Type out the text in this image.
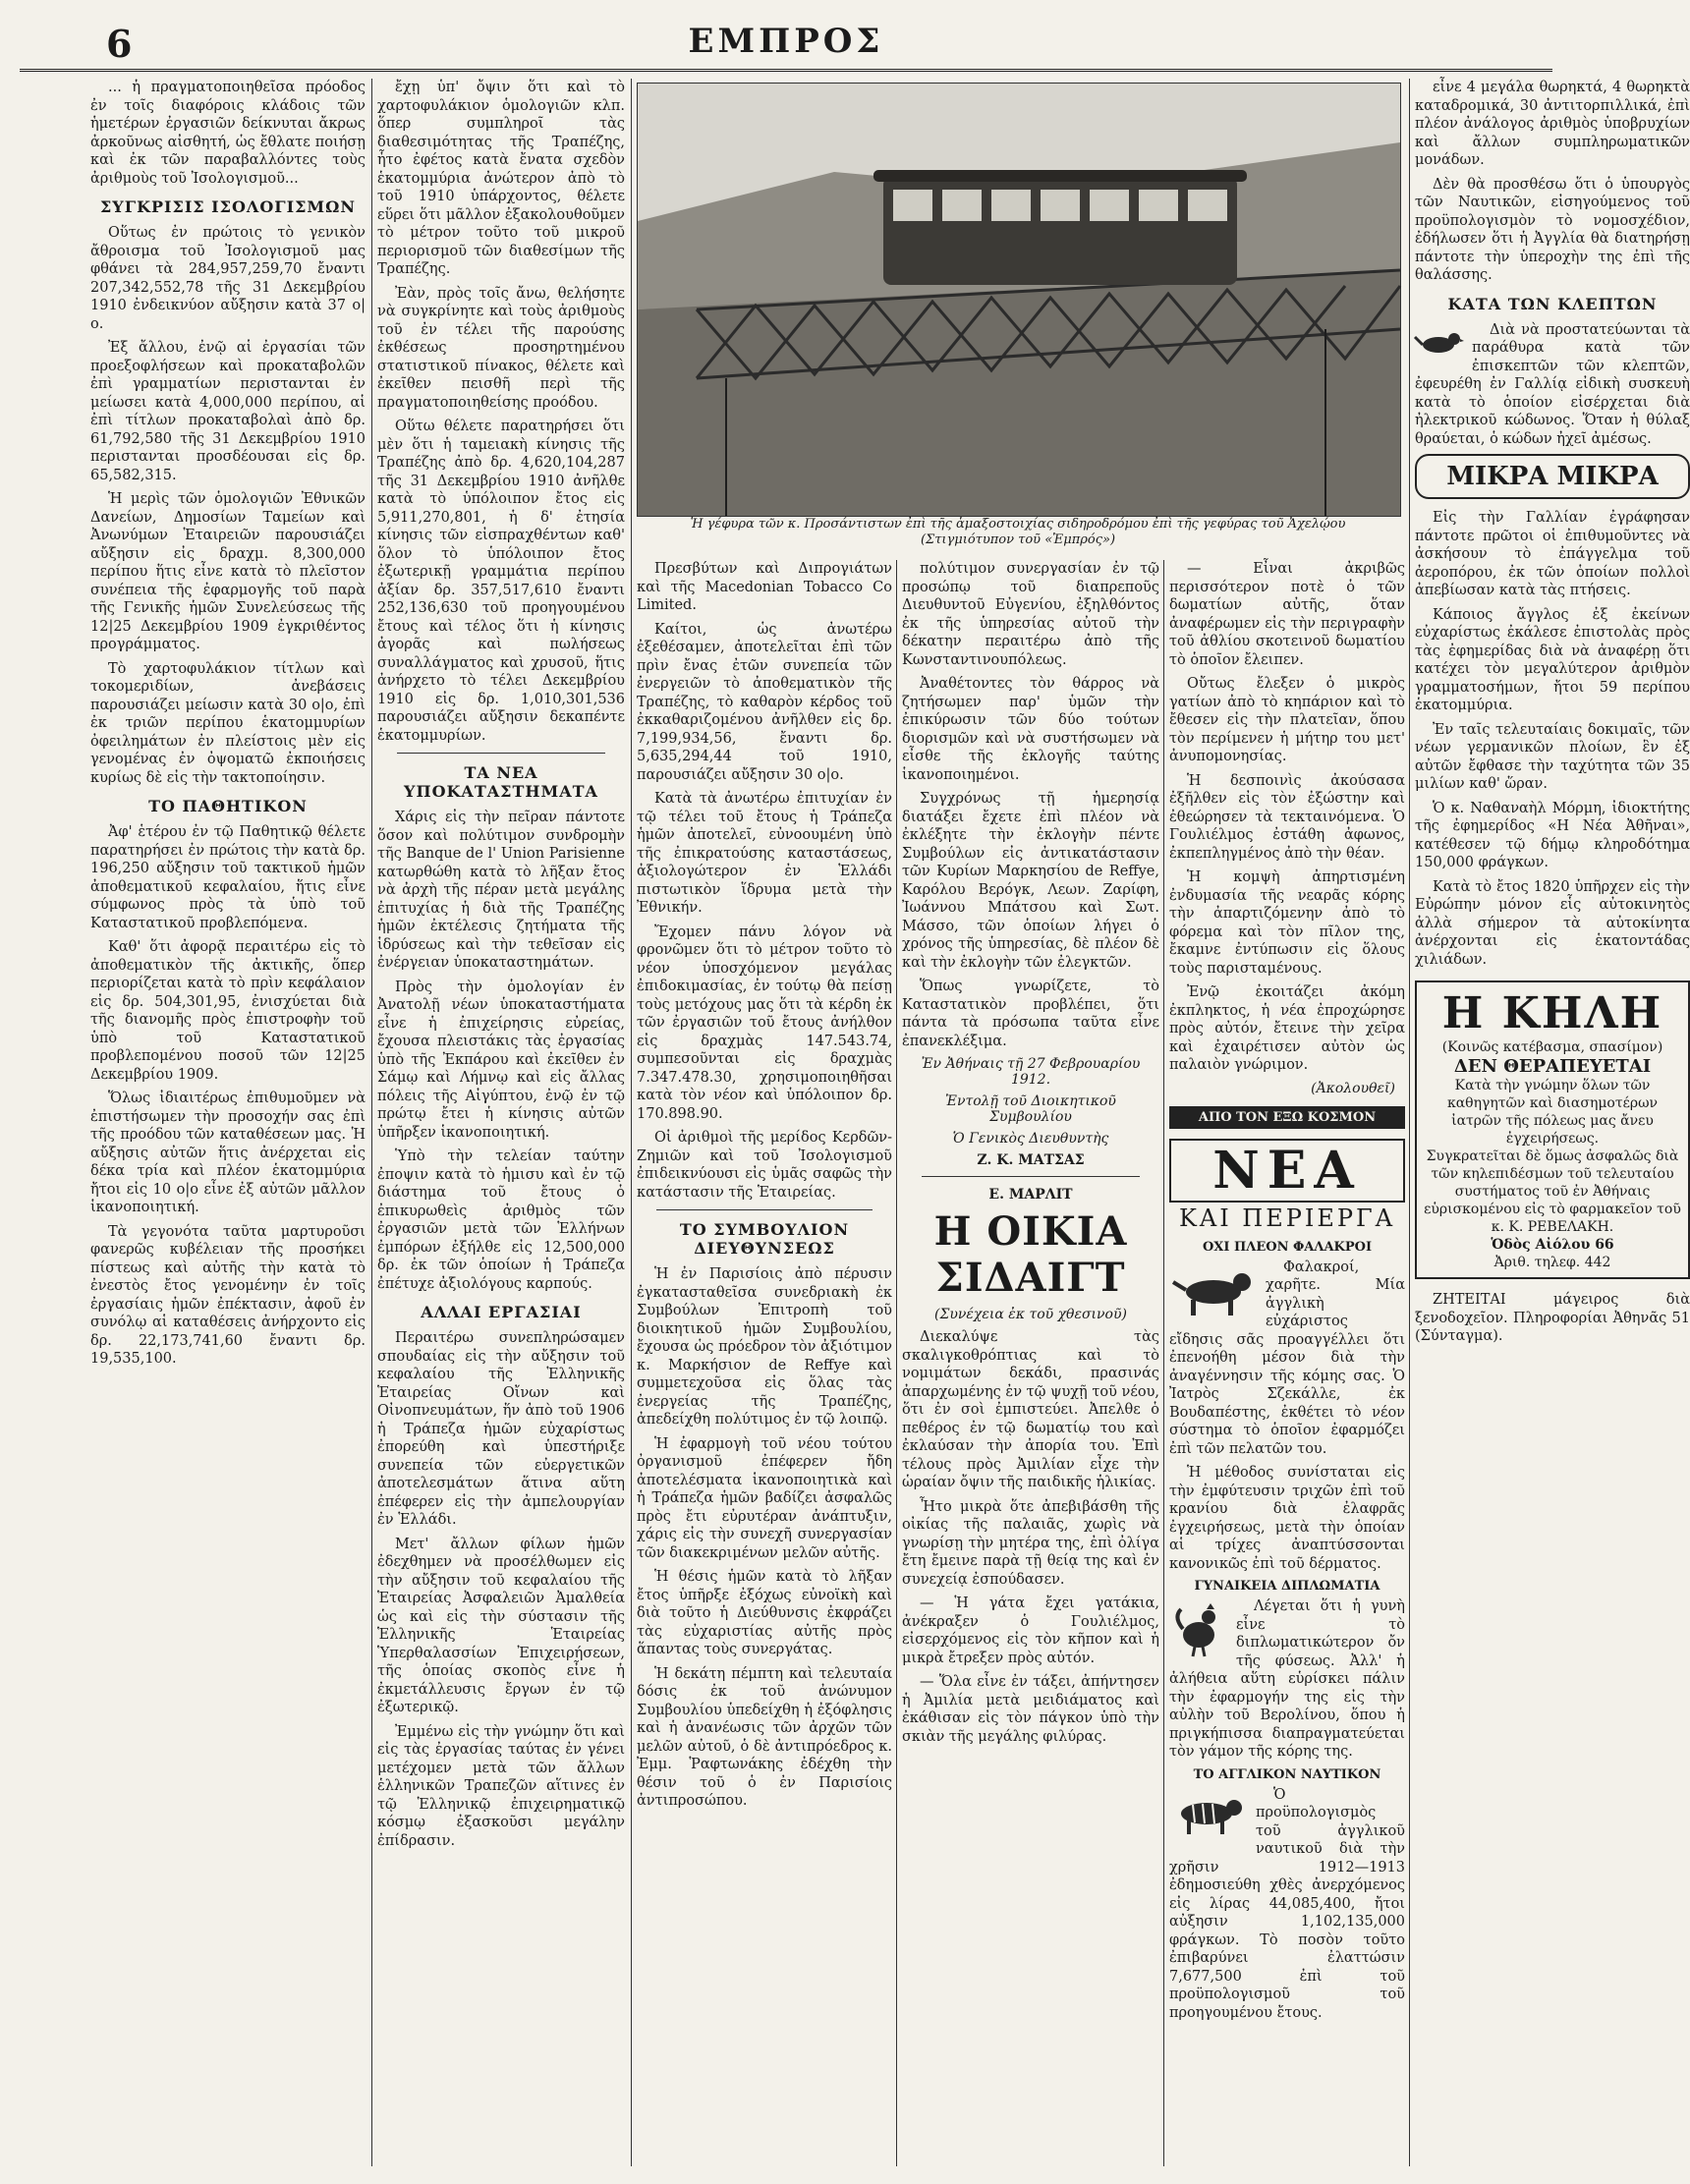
6	ΕΜΠΡΟΣ

... ἡ πραγματοποιηθεῖσα πρόοδος ἐν τοῖς διαφόροις κλάδοις τῶν ἡμετέρων ἐργασιῶν δείκνυται ἄκρως ἀρκοῦνως αἰσθητή, ὡς ἔθλατε ποιήσῃ καὶ ἐκ τῶν παραβαλλόντες τοὺς ἀριθμοὺς τοῦ Ἰσολογισμοῦ...

ΣΥΓΚΡΙΣΙΣ ΙΣΟΛΟΓΙΣΜΩΝ

Οὕτως ἐν πρώτοις τὸ γενικὸν ἄθροισμα τοῦ Ἰσολογισμοῦ μας φθάνει τὰ 284,957,259,70 ἔναντι 207,342,552,78 τῆς 31 Δεκεμβρίου 1910 ἐνδεικνύον αὔξησιν κατὰ 37 ο|ο.

Ἐξ ἄλλου, ἐνῷ αἱ ἐργασίαι τῶν προεξοφλήσεων καὶ προκαταβολῶν ἐπὶ γραμματίων περιστανται ἐν μείωσει κατὰ 4,000,000 περίπου, αἱ ἐπὶ τίτλων προκαταβολαὶ ἀπὸ δρ. 61,792,580 τῆς 31 Δεκεμβρίου 1910 περιστανται προσδέουσαι εἰς δρ. 65,582,315.

Ἡ μερὶς τῶν ὁμολογιῶν Ἐθνικῶν Δανείων, Δημοσίων Ταμείων καὶ Ἀνωνύμων Ἑταιρειῶν παρουσιάζει αὔξησιν εἰς δραχμ. 8,300,000 περίπου ἥτις εἶνε κατὰ τὸ πλεῖστον συνέπεια τῆς ἐφαρμογῆς τοῦ παρὰ τῆς Γενικῆς ἡμῶν Συνελεύσεως τῆς 12|25 Δεκεμβρίου 1909 ἐγκριθέντος προγράμματος.

Τὸ χαρτοφυλάκιον τίτλων καὶ τοκομεριδίων, ἀνεβάσεις παρουσιάζει μείωσιν κατὰ 30 ο|ο, ἐπὶ ἐκ τριῶν περίπου ἑκατομμυρίων ὀφειλημάτων ἐν πλείστοις μὲν εἰς γενομένας ἐν ὀψοματῶ ἐκποιήσεις κυρίως δὲ εἰς τὴν τακτοποίησιν.

ΤΟ ΠΑΘΗΤΙΚΟΝ

Ἀφ' ἑτέρου ἐν τῷ Παθητικῷ θέλετε παρατηρήσει ἐν πρώτοις τὴν κατὰ δρ. 196,250 αὔξησιν τοῦ τακτικοῦ ἡμῶν ἀποθεματικοῦ κεφαλαίου, ἥτις εἶνε σύμφωνος πρὸς τὰ ὑπὸ τοῦ Καταστατικοῦ προβλεπόμενα.

Καθ' ὅτι ἀφορᾷ περαιτέρω εἰς τὸ ἀποθεματικὸν τῆς ἀκτικῆς, ὅπερ περιορίζεται κατὰ τὸ πρὶν κεφάλαιον εἰς δρ. 504,301,95, ἐνισχύεται διὰ τῆς διανομῆς πρὸς ἐπιστροφὴν τοῦ ὑπὸ τοῦ Καταστατικοῦ προβλεπομένου ποσοῦ τῶν 12|25 Δεκεμβρίου 1909.

Ὅλως ἰδιαιτέρως ἐπιθυμοῦμεν νὰ ἐπιστήσωμεν τὴν προσοχήν σας ἐπὶ τῆς προόδου τῶν καταθέσεων μας. Ἡ αὔξησις αὐτῶν ἥτις ἀνέρχεται εἰς δέκα τρία καὶ πλέον ἑκατομμύρια ἤτοι εἰς 10 ο|ο εἶνε ἐξ αὐτῶν μᾶλλον ἱκανοποιητική.

Τὰ γεγονότα ταῦτα μαρτυροῦσι φανερῶς κυβέλειαν τῆς προσήκει πίστεως καὶ αὐτῆς τὴν κατὰ τὸ ἐνεστὸς ἔτος γενομένην ἐν τοῖς ἐργασίαις ἡμῶν ἐπέκτασιν, ἀφοῦ ἐν συνόλῳ αἱ καταθέσεις ἀνήρχοντο εἰς δρ. 22,173,741,60 ἔναντι δρ. 19,535,100.

ἔχῃ ὑπ' ὄψιν ὅτι καὶ τὸ χαρτοφυλάκιον ὁμολογιῶν κλπ. ὅπερ συμπληροῖ τὰς διαθεσιμότητας τῆς Τραπέζης, ἧτο ἐφέτος κατὰ ἔνατα σχεδὸν ἑκατομμύρια ἀνώτερον ἀπὸ τὸ τοῦ 1910 ὑπάρχοντος, θέλετε εὕρει ὅτι μᾶλλον ἐξακολουθοῦμεν τὸ μέτρον τοῦτο τοῦ μικροῦ περιορισμοῦ τῶν διαθεσίμων τῆς Τραπέζης.

Ἐὰν, πρὸς τοῖς ἄνω, θελήσητε νὰ συγκρίνητε καὶ τοὺς ἀριθμοὺς τοῦ ἐν τέλει τῆς παρούσης ἐκθέσεως προσηρτημένου στατιστικοῦ πίνακος, θέλετε καὶ ἐκεῖθεν πεισθῆ περὶ τῆς πραγματοποιηθείσης προόδου.

Οὕτω θέλετε παρατηρήσει ὅτι μὲν ὅτι ἡ ταμειακὴ κίνησις τῆς Τραπέζης ἀπὸ δρ. 4,620,104,287 τῆς 31 Δεκεμβρίου 1910 ἀνῆλθε κατὰ τὸ ὑπόλοιπον ἔτος εἰς 5,911,270,801, ἡ δ' ἐτησία κίνησις τῶν εἰσπραχθέντων καθ' ὅλον τὸ ὑπόλοιπον ἔτος ἐξωτερικῇ γραμμάτια περίπου ἀξίαν δρ. 357,517,610 ἔναντι 252,136,630 τοῦ προηγουμένου ἔτους καὶ τέλος ὅτι ἡ κίνησις ἀγορᾶς καὶ πωλήσεως συναλλάγματος καὶ χρυσοῦ, ἥτις ἀνήρχετο τὸ τέλει Δεκεμβρίου 1910 εἰς δρ. 1,010,301,536 παρουσιάζει αὔξησιν δεκαπέντε ἑκατομμυρίων.

ΤΑ ΝΕΑ ΥΠΟΚΑΤΑΣΤΗΜΑΤΑ

Χάρις εἰς τὴν πεῖραν πάντοτε ὅσον καὶ πολύτιμον συνδρομὴν τῆς Banque de l' Union Parisienne κατωρθώθη κατὰ τὸ λῆξαν ἔτος νὰ ἀρχὴ τῆς πέραν μετὰ μεγάλης ἐπιτυχίας ἡ διὰ τῆς Τραπέζης ἡμῶν ἐκτέλεσις ζητήματα τῆς ἱδρύσεως καὶ τὴν τεθεῖσαν εἰς ἐνέργειαν ὑποκαταστημάτων.

Πρὸς τὴν ὁμολογίαν ἐν Ἀνατολῇ νέων ὑποκαταστήματα εἶνε ἡ ἐπιχείρησις εὐρείας, ἔχουσα πλειστάκις τὰς ἐργασίας ὑπὸ τῆς Ἐκπάρου καὶ ἐκεῖθεν ἐν Σάμῳ καὶ Λήμνῳ καὶ εἰς ἄλλας πόλεις τῆς Αἰγύπτου, ἐνῷ ἐν τῷ πρώτῳ ἔτει ἡ κίνησις αὐτῶν ὑπῆρξεν ἱκανοποιητική.

Ὑπὸ τὴν τελείαν ταύτην ἐποψιν κατὰ τὸ ἡμισυ καὶ ἐν τῷ διάστημα τοῦ ἔτους ὁ ἐπικυρωθεὶς ἀριθμὸς τῶν ἐργασιῶν μετὰ τῶν Ἑλλήνων ἐμπόρων ἐξήλθε εἰς 12,500,000 δρ. ἐκ τῶν ὁποίων ἡ Τράπεζα ἐπέτυχε ἀξιολόγους καρπούς.

ΑΛΛΑΙ ΕΡΓΑΣΙΑΙ

Περαιτέρω συνεπληρώσαμεν σπουδαίας εἰς τὴν αὔξησιν τοῦ κεφαλαίου τῆς Ἑλληνικῆς Ἑταιρείας Οἴνων καὶ Οἰνοπνευμάτων, ἥν ἀπὸ τοῦ 1906 ἡ Τράπεζα ἡμῶν εὐχαρίστως ἐπορεύθη καὶ ὑπεστήριξε συνεπεία τῶν εὐεργετικῶν ἀποτελεσμάτων ἅτινα αὕτη ἐπέφερεν εἰς τὴν ἀμπελουργίαν ἐν Ἑλλάδι.

Μετ' ἄλλων φίλων ἡμῶν ἐδεχθημεν νὰ προσέλθωμεν εἰς τὴν αὔξησιν τοῦ κεφαλαίου τῆς Ἑταιρείας Ἀσφαλειῶν Ἀμαλθεία ὡς καὶ εἰς τὴν σύστασιν τῆς Ἑλληνικῆς Ἑταιρείας Ὑπερθαλασσίων Ἐπιχειρήσεων, τῆς ὁποίας σκοπὸς εἶνε ἡ ἐκμετάλλευσις ἔργων ἐν τῷ ἐξωτερικῷ.

Ἐμμένω εἰς τὴν γνώμην ὅτι καὶ εἰς τὰς ἐργασίας ταύτας ἐν γένει μετέχομεν μετὰ τῶν ἄλλων ἑλληνικῶν Τραπεζῶν αἵτινες ἐν τῷ Ἑλληνικῷ ἐπιχειρηματικῷ κόσμῳ ἐξασκοῦσι μεγάλην ἐπίδρασιν.

Ἡ γέφυρα τῶν κ. Προσάντιστων ἐπὶ τῆς ἁμαξοστοιχίας σιδηροδρόμου ἐπὶ τῆς γεφύρας τοῦ Ἀχελῴου
(Στιγμιότυπον τοῦ «Ἐμπρός»)

Πρεσβύτων καὶ Διπρογιάτων καὶ τῆς Macedonian Tobacco Co Limited.

Καίτοι, ὡς ἀνωτέρω ἐξεθέσαμεν, ἀποτελεῖται ἐπὶ τῶν πρὶν ἔνας ἐτῶν συνεπεία τῶν ἐνεργειῶν τὸ ἀποθεματικὸν τῆς Τραπέζης, τὸ καθαρὸν κέρδος τοῦ ἐκκαθαριζομένου ἀνῆλθεν εἰς δρ. 7,199,934,56, ἔναντι δρ. 5,635,294,44 τοῦ 1910, παρουσιάζει αὔξησιν 30 ο|ο.

Κατὰ τὰ ἀνωτέρω ἐπιτυχίαν ἐν τῷ τέλει τοῦ ἔτους ἡ Τράπεζα ἡμῶν ἀποτελεῖ, εὐνοουμένη ὑπὸ τῆς ἐπικρατούσης καταστάσεως, ἀξιολογώτερον ἐν Ἑλλάδι πιστωτικὸν ἵδρυμα μετὰ τὴν Ἐθνικήν.

Ἔχομεν πάνυ λόγον νὰ φρονῶμεν ὅτι τὸ μέτρον τοῦτο τὸ νέον ὑποσχόμενον μεγάλας ἐπιδοκιμασίας, ἐν τούτῳ θὰ πείσῃ τοὺς μετόχους μας ὅτι τὰ κέρδη ἐκ τῶν ἐργασιῶν τοῦ ἔτους ἀνήλθον εἰς δραχμὰς 147.543.74, συμπεσοῦνται εἰς δραχμὰς 7.347.478.30, χρησιμοποιηθῆσαι κατὰ τὸν νέον καὶ ὑπόλοιπον δρ. 170.898.90.

Οἱ ἀριθμοὶ τῆς μερίδος Κερδῶν-Ζημιῶν καὶ τοῦ Ἰσολογισμοῦ ἐπιδεικνύουσι εἰς ὑμᾶς σαφῶς τὴν κατάστασιν τῆς Ἑταιρείας.

ΤΟ ΣΥΜΒΟΥΛΙΟΝ ΔΙΕΥΘΥΝΣΕΩΣ

Ἡ ἐν Παρισίοις ἀπὸ πέρυσιν ἐγκατασταθεῖσα συνεδριακὴ ἐκ Συμβούλων Ἐπιτροπὴ τοῦ διοικητικοῦ ἡμῶν Συμβουλίου, ἔχουσα ὡς πρόεδρον τὸν ἀξιότιμον κ. Μαρκήσιον de Reffye καὶ συμμετεχοῦσα εἰς ὅλας τὰς ἐνεργείας τῆς Τραπέζης, ἀπεδείχθη πολύτιμος ἐν τῷ λοιπῷ.

Ἡ ἐφαρμογὴ τοῦ νέου τούτου ὀργανισμοῦ ἐπέφερεν ἤδη ἀποτελέσματα ἱκανοποιητικὰ καὶ ἡ Τράπεζα ἡμῶν βαδίζει ἀσφαλῶς πρὸς ἔτι εὐρυτέραν ἀνάπτυξιν, χάρις εἰς τὴν συνεχῆ συνεργασίαν τῶν διακεκριμένων μελῶν αὐτῆς.

Ἡ θέσις ἡμῶν κατὰ τὸ λῆξαν ἔτος ὑπῆρξε ἐξόχως εὐνοϊκὴ καὶ διὰ τοῦτο ἡ Διεύθυνσις ἐκφράζει τὰς εὐχαριστίας αὐτῆς πρὸς ἅπαντας τοὺς συνεργάτας.

Ἡ δεκάτη πέμπτη καὶ τελευταία δόσις ἐκ τοῦ ἀνώνυμον Συμβουλίου ὑπεδείχθη ἡ ἐξόφλησις καὶ ἡ ἀνανέωσις τῶν ἀρχῶν τῶν μελῶν αὐτοῦ, ὁ δὲ ἀντιπρόεδρος κ. Ἐμμ. Ῥαφτωνάκης ἐδέχθη τὴν θέσιν τοῦ ὁ ἐν Παρισίοις ἀντιπροσώπου.

πολύτιμον συνεργασίαν ἐν τῷ προσώπῳ τοῦ διαπρεποῦς Διευθυντοῦ Εὐγενίου, ἐξηλθόντος ἐκ τῆς ὑπηρεσίας αὐτοῦ τὴν δέκατην περαιτέρω ἀπὸ τῆς Κωνσταντινουπόλεως.

Ἀναθέτοντες τὸν θάρρος νὰ ζητήσωμεν παρ' ὑμῶν τὴν ἐπικύρωσιν τῶν δύο τούτων διορισμῶν καὶ νὰ συστήσωμεν νὰ εἶσθε τῆς ἐκλογῆς ταύτης ἱκανοποιημένοι.

Συγχρόνως τῇ ἡμερησίᾳ διατάξει ἔχετε ἐπὶ πλέον νὰ ἐκλέξητε τὴν ἐκλογὴν πέντε Συμβούλων εἰς ἀντικατάστασιν τῶν Κυρίων Μαρκησίου de Reffye, Καρόλου Βερόγκ, Λεων. Ζαρίφη, Ἰωάννου Μπάτσου καὶ Σωτ. Μάσσο, τῶν ὁποίων λήγει ὁ χρόνος τῆς ὑπηρεσίας, δὲ πλέον δὲ καὶ τὴν ἐκλογὴν τῶν ἐλεγκτῶν.

Ὅπως γνωρίζετε, τὸ Καταστατικὸν προβλέπει, ὅτι πάντα τὰ πρόσωπα ταῦτα εἶνε ἐπανεκλέξιμα.

Ἐν Ἀθήναις τῇ 27 Φεβρουαρίου 1912.
Ἐντολῇ τοῦ Διοικητικοῦ Συμβουλίου
Ὁ Γενικὸς Διευθυντὴς
Ζ. Κ. ΜΑΤΣΑΣ
Ε. ΜΑΡΛΙΤ
Η ΟΙΚΙΑ ΣΙΔΑΙΓΤ
(Συνέχεια ἐκ τοῦ χθεσινοῦ)

Διεκαλύψε τὰς σκαλιγκοθρόπτιας καὶ τὸ νομιμάτων δεκάδι, πρασινάς ἀπαρχωμένης ἐν τῷ ψυχῇ τοῦ νέου, ὅτι ἐν σοὶ ἐμπιστεύει. Ἀπελθε ὁ πεθέρος ἐν τῷ δωματίῳ του καὶ ἐκλαύσαν τὴν ἀπορία του. Ἐπὶ τέλους πρὸς Ἀμιλίαν εἶχε τὴν ὡραίαν ὄψιν τῆς παιδικῆς ἡλικίας.

Ἦτο μικρὰ ὅτε ἀπεβιβάσθη τῆς οἰκίας τῆς παλαιᾶς, χωρὶς νὰ γνωρίσῃ τὴν μητέρα της, ἐπὶ ὀλίγα ἔτη ἔμεινε παρὰ τῇ θείᾳ της καὶ ἐν συνεχείᾳ ἐσπούδασεν.

— Ἡ γάτα ἔχει γατάκια, ἀνέκραξεν ὁ Γουλιέλμος, εἰσερχόμενος εἰς τὸν κῆπον καὶ ἡ μικρὰ ἔτρεξεν πρὸς αὐτόν.

— Ὅλα εἶνε ἐν τάξει, ἀπήντησεν ἡ Ἀμιλία μετὰ μειδιάματος καὶ ἐκάθισαν εἰς τὸν πάγκον ὑπὸ τὴν σκιὰν τῆς μεγάλης φιλύρας.

— Εἶναι ἀκριβῶς περισσότερον ποτὲ ὁ τῶν δωματίων αὐτῆς, ὅταν ἀναφέρωμεν εἰς τὴν περιγραφὴν τοῦ ἀθλίου σκοτεινοῦ δωματίου τὸ ὁποῖον ἔλειπεν.

Οὔτως ἔλεξεν ὁ μικρὸς γατίων ἀπὸ τὸ κηπάριον καὶ τὸ ἔθεσεν εἰς τὴν πλατεῖαν, ὅπου τὸν περίμενεν ἡ μήτηρ του μετ' ἀνυπομονησίας.

Ἡ δεσποινὶς ἀκούσασα ἐξῆλθεν εἰς τὸν ἐξώστην καὶ ἐθεώρησεν τὰ τεκταινόμενα. Ὁ Γουλιέλμος ἐστάθη ἀφωνος, ἐκπεπληγμένος ἀπὸ τὴν θέαν.

Ἡ κομψὴ ἀπηρτισμένη ἐνδυμασία τῆς νεαρᾶς κόρης τὴν ἀπαρτιζόμενην ἀπὸ τὸ φόρεμα καὶ τὸν πῖλον της, ἔκαμνε ἐντύπωσιν εἰς ὅλους τοὺς παρισταμένους.

Ἐνῷ ἐκοιτάζει ἀκόμη ἐκπληκτος, ἡ νέα ἐπροχώρησε πρὸς αὐτόν, ἔτεινε τὴν χεῖρα καὶ ἐχαιρέτισεν αὐτὸν ὡς παλαιὸν γνώριμον.

(Ἀκολουθεῖ)
ΑΠΟ ΤΟΝ ΕΞΩ ΚΟΣΜΟΝ
ΝΕΑ
ΚΑΙ ΠΕΡΙΕΡΓΑ
ΟΧΙ ΠΛΕΟΝ ΦΑΛΑΚΡΟΙ

Φαλακροί, χαρῆτε. Μία ἀγγλικὴ εὐχάριστος εἴδησις σᾶς προαγγέλλει ὅτι ἐπενοήθη μέσον διὰ τὴν ἀναγέννησιν τῆς κόμης σας. Ὁ Ἰατρὸς Σζεκάλλε, ἐκ Βουδαπέστης, ἐκθέτει τὸ νέον σύστημα τὸ ὁποῖον ἐφαρμόζει ἐπὶ τῶν πελατῶν του.

Ἡ μέθοδος συνίσταται εἰς τὴν ἐμφύτευσιν τριχῶν ἐπὶ τοῦ κρανίου διὰ ἐλαφρᾶς ἐγχειρήσεως, μετὰ τὴν ὁποίαν αἱ τρίχες ἀναπτύσσονται κανονικῶς ἐπὶ τοῦ δέρματος.

ΓΥΝΑΙΚΕΙΑ ΔΙΠΛΩΜΑΤΙΑ

Λέγεται ὅτι ἡ γυνὴ εἶνε τὸ διπλωματικώτερον ὄν τῆς φύσεως. Ἀλλ' ἡ ἀλήθεια αὕτη εὑρίσκει πάλιν τὴν ἐφαρμογήν της εἰς τὴν αὐλὴν τοῦ Βερολίνου, ὅπου ἡ πριγκήπισσα διαπραγματεύεται τὸν γάμον τῆς κόρης της.

ΤΟ ΑΓΓΛΙΚΟΝ ΝΑΥΤΙΚΟΝ

Ὁ προϋπολογισμὸς τοῦ ἀγγλικοῦ ναυτικοῦ διὰ τὴν χρῆσιν 1912—1913 ἐδημοσιεύθη χθὲς ἀνερχόμενος εἰς λίρας 44,085,400, ἤτοι αὐξησιν 1,102,135,000 φράγκων. Τὸ ποσὸν τοῦτο ἐπιβαρύνει ἐλαττώσιν 7,677,500 ἐπὶ τοῦ προϋπολογισμοῦ τοῦ προηγουμένου ἔτους.

εἶνε 4 μεγάλα θωρηκτά, 4 θωρηκτὰ καταδρομικά, 30 ἀντιτορπιλλικά, ἐπὶ πλέον ἀνάλογος ἀριθμὸς ὑποβρυχίων καὶ ἄλλων συμπληρωματικῶν μονάδων.

Δὲν θὰ προσθέσω ὅτι ὁ ὑπουργὸς τῶν Ναυτικῶν, εἰσηγούμενος τοῦ προϋπολογισμὸν τὸ νομοσχέδιον, ἐδήλωσεν ὅτι ἡ Ἀγγλία θὰ διατηρήσῃ πάντοτε τὴν ὑπεροχὴν της ἐπὶ τῆς θαλάσσης.

ΚΑΤΑ ΤΩΝ ΚΛΕΠΤΩΝ

Διὰ νὰ προστατεύωνται τὰ παράθυρα κατὰ τῶν ἐπισκεπτῶν τῶν κλεπτῶν, ἐφευρέθη ἐν Γαλλίᾳ εἰδικὴ συσκευὴ κατὰ τὸ ὁποίον εἰσέρχεται διὰ ἠλεκτρικοῦ κώδωνος. Ὅταν ἡ θύλαξ θραύεται, ὁ κώδων ἠχεῖ ἀμέσως.

ΜΙΚΡΑ ΜΙΚΡΑ

Εἰς τὴν Γαλλίαν ἐγράφησαν πάντοτε πρῶτοι οἱ ἐπιθυμοῦντες νὰ ἀσκήσουν τὸ ἐπάγγελμα τοῦ ἀεροπόρου, ἐκ τῶν ὁποίων πολλοὶ ἀπεβίωσαν κατὰ τὰς πτήσεις.

Κάποιος ἄγγλος ἐξ ἐκείνων εὐχαρίστως ἐκάλεσε ἐπιστολὰς πρὸς τὰς ἐφημερίδας διὰ νὰ ἀναφέρῃ ὅτι κατέχει τὸν μεγαλύτερον ἀριθμὸν γραμματοσήμων, ἤτοι 59 περίπου ἑκατομμύρια.

Ἐν ταῖς τελευταίαις δοκιμαῖς, τῶν νέων γερμανικῶν πλοίων, ἓν ἐξ αὐτῶν ἔφθασε τὴν ταχύτητα τῶν 35 μιλίων καθ' ὥραν.

Ὁ κ. Ναθαναὴλ Μόρμη, ἰδιοκτήτης τῆς ἐφημερίδος «Η Νέα Ἀθῆναι», κατέθεσεν τῷ δήμῳ κληροδότημα 150,000 φράγκων.

Κατὰ τὸ ἔτος 1820 ὑπῆρχεν εἰς τὴν Εὐρώπην μόνον εἷς αὐτοκινητὸς ἀλλὰ σήμερον τὰ αὐτοκίνητα ἀνέρχονται εἰς ἑκατοντάδας χιλιάδων.

Η ΚΗΛΗ
(Κοινῶς κατέβασμα, σπασίμον)
ΔΕΝ ΘΕΡΑΠΕΥΕΤΑΙ
Κατὰ τὴν γνώμην ὅλων τῶν καθηγητῶν καὶ διασημοτέρων ἰατρῶν τῆς πόλεως μας ἄνευ ἐγχειρήσεως.
Συγκρατεῖται δὲ ὅμως ἀσφαλῶς διὰ τῶν κηλεπιδέσμων τοῦ τελευταίου συστήματος τοῦ ἐν Ἀθήναις εὑρισκομένου εἰς τὸ φαρμακεῖον τοῦ κ. Κ. ΡΕΒΕΛΑΚΗ.
Ὁδὸς Αἰόλου 66
Ἀριθ. τηλεφ. 442

ΖΗΤΕΙΤΑΙ μάγειρος διὰ ξενοδοχεῖον. Πληροφορίαι Ἀθηνᾶς 51 (Σύνταγμα).
